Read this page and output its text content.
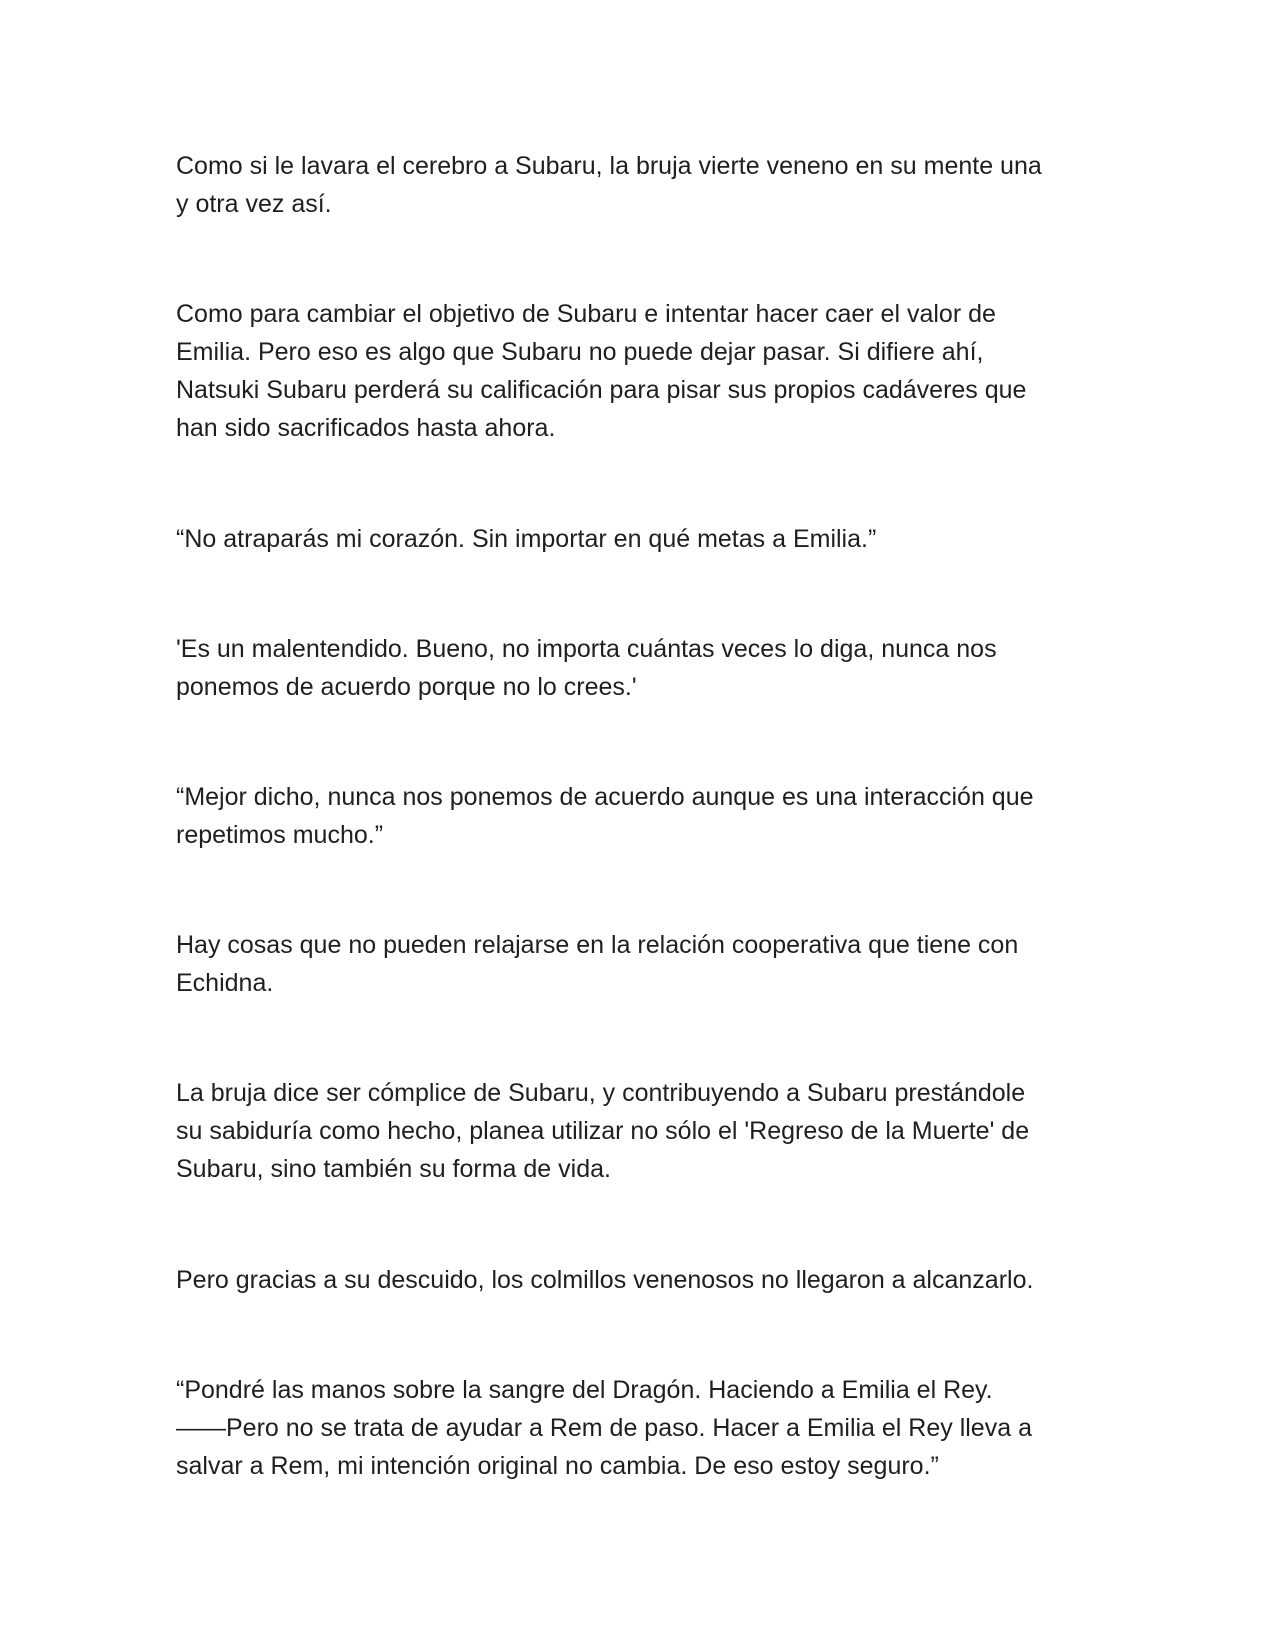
Como si le lavara el cerebro a Subaru, la bruja vierte veneno en su mente una
y otra vez así.

Como para cambiar el objetivo de Subaru e intentar hacer caer el valor de
Emilia. Pero eso es algo que Subaru no puede dejar pasar. Si difiere ahí,
Natsuki Subaru perderá su calificación para pisar sus propios cadáveres que
han sido sacrificados hasta ahora.

“No atraparás mi corazón. Sin importar en qué metas a Emilia.”

'Es un malentendido. Bueno, no importa cuántas veces lo diga, nunca nos
ponemos de acuerdo porque no lo crees.'

“Mejor dicho, nunca nos ponemos de acuerdo aunque es una interacción que
repetimos mucho.”

Hay cosas que no pueden relajarse en la relación cooperativa que tiene con
Echidna.

La bruja dice ser cómplice de Subaru, y contribuyendo a Subaru prestándole
su sabiduría como hecho, planea utilizar no sólo el 'Regreso de la Muerte' de
Subaru, sino también su forma de vida.

Pero gracias a su descuido, los colmillos venenosos no llegaron a alcanzarlo.

“Pondré las manos sobre la sangre del Dragón. Haciendo a Emilia el Rey.
——Pero no se trata de ayudar a Rem de paso. Hacer a Emilia el Rey lleva a
salvar a Rem, mi intención original no cambia. De eso estoy seguro.”
